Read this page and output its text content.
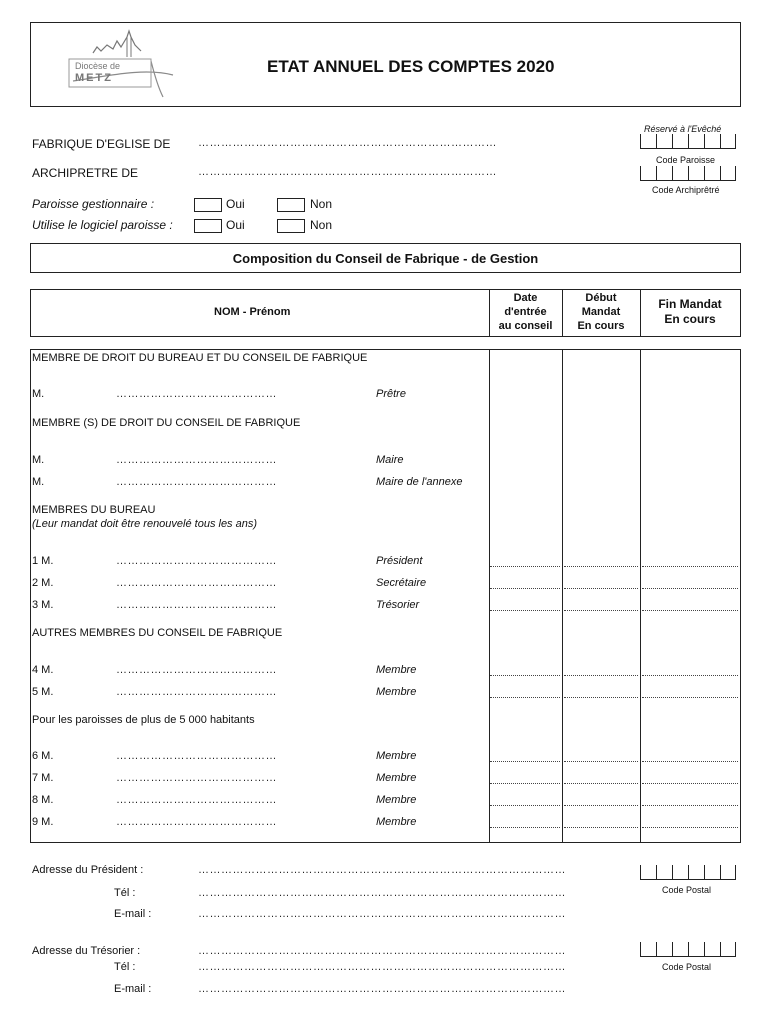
Diocèse de
METZ
ETAT ANNUEL DES COMPTES 2020
FABRIQUE D'EGLISE DE	……………………………………………………………………
ARCHIPRETRE DE	……………………………………………………………………
Réservé à l'Evêché
Code Paroisse
Code Archiprêtré
Paroisse gestionnaire :	Oui	Non
Utilise le logiciel paroisse :	Oui	Non
Composition du Conseil de Fabrique - de Gestion
NOM - Prénom
Date
d'entrée
au conseil
Début
Mandat
En cours
Fin Mandat
En cours
MEMBRE DE DROIT DU BUREAU ET DU CONSEIL DE FABRIQUE
M.	……………………………………	Prêtre
MEMBRE (S) DE DROIT DU CONSEIL DE FABRIQUE
M.	……………………………………	Maire
M.	……………………………………	Maire de l'annexe
MEMBRES DU BUREAU
(Leur mandat doit être renouvelé tous les ans)
1 M.	……………………………………	Président
2 M.	……………………………………	Secrétaire
3 M.	……………………………………	Trésorier
AUTRES MEMBRES DU CONSEIL DE FABRIQUE
4 M.	……………………………………	Membre
5 M.	……………………………………	Membre
Pour les paroisses de plus de 5 000 habitants
6 M.	……………………………………	Membre
7 M.	……………………………………	Membre
8 M.	……………………………………	Membre
9 M.	……………………………………	Membre
Adresse du Président :	……………………………………………………………………………………
Tél :	……………………………………………………………………………………
E-mail :	……………………………………………………………………………………
Code Postal
Adresse du Trésorier :	……………………………………………………………………………………
Tél :	……………………………………………………………………………………
E-mail :	……………………………………………………………………………………
Code Postal
